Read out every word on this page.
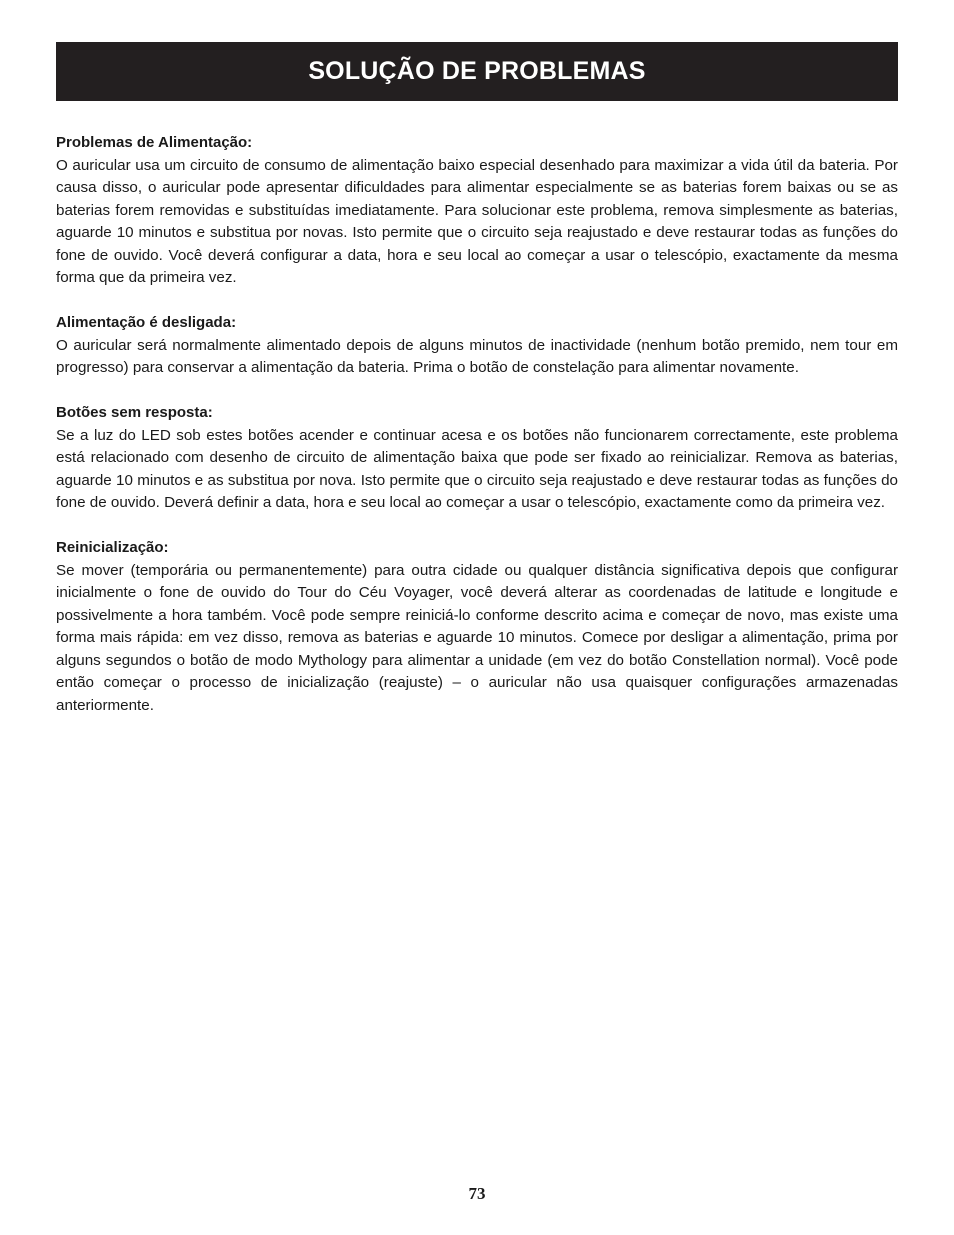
SOLUÇÃO DE PROBLEMAS
Problemas de Alimentação:

O auricular usa um circuito de consumo de alimentação baixo especial desenhado para maximizar a vida útil da bateria. Por causa disso, o auricular pode apresentar dificuldades para alimentar especialmente se as baterias forem baixas ou se as baterias forem removidas e substituídas imediatamente. Para solucionar este problema, remova simplesmente as baterias, aguarde 10 minutos e substitua por novas. Isto permite que o circuito seja reajustado e deve restaurar todas as funções do fone de ouvido. Você deverá configurar a data, hora e seu local ao começar a usar o telescópio, exactamente da mesma forma que da primeira vez.

Alimentação é desligada:

O auricular será normalmente alimentado depois de alguns minutos de inactividade (nenhum botão premido, nem tour em progresso) para conservar a alimentação da bateria. Prima o botão de constelação para alimentar novamente.

Botões sem resposta:

Se a luz do LED sob estes botões acender e continuar acesa e os botões não funcionarem correctamente, este problema está relacionado com desenho de circuito de alimentação baixa que pode ser fixado ao reinicializar. Remova as baterias, aguarde 10 minutos e as substitua por nova. Isto permite que o circuito seja reajustado e deve restaurar todas as funções do fone de ouvido. Deverá definir a data, hora e seu local ao começar a usar o telescópio, exactamente como da primeira vez.

Reinicialização:

Se mover (temporária ou permanentemente) para outra cidade ou qualquer distância significativa depois que configurar inicialmente o fone de ouvido do Tour do Céu Voyager, você deverá alterar as coordenadas de latitude e longitude e possivelmente a hora também. Você pode sempre reiniciá-lo conforme descrito acima e começar de novo, mas existe uma forma mais rápida: em vez disso, remova as baterias e aguarde 10 minutos. Comece por desligar a alimentação, prima por alguns segundos o botão de modo Mythology para alimentar a unidade (em vez do botão Constellation normal). Você pode então começar o processo de inicialização (reajuste) – o auricular não usa quaisquer configurações armazenadas anteriormente.

73
